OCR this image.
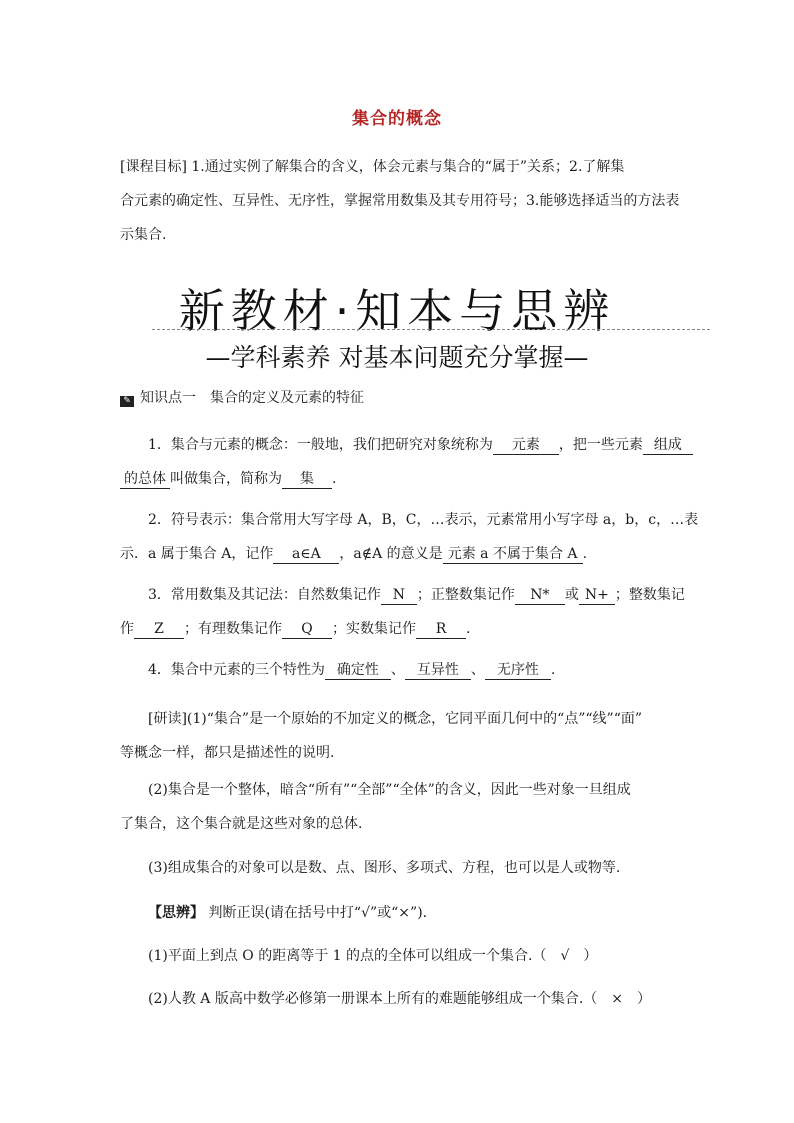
集合的概念
[课程目标] 1.通过实例了解集合的含义，体会元素与集合的“属于”关系；2.了解集
合元素的确定性、互异性、无序性，掌握常用数集及其专用符号；3.能够选择适当的方法表
示集合.
新教材·知本与思辨
—学科素养 对基本问题充分掌握—
✎ 知识点一　集合的定义及元素的特征
1．集合与元素的概念：一般地，我们把研究对象统称为 元素 ，把一些元素 组成
的总体 叫做集合，简称为 集 .
2．符号表示：集合常用大写字母 A，B，C，…表示，元素常用小写字母 a，b，c，…表
示．a 属于集合 A，记作 a∈A ，a∉A 的意义是 元素 a 不属于集合 A .
3．常用数集及其记法：自然数集记作 N ；正整数集记作 N* 或 N+ ；整数集记
作 Z ；有理数集记作 Q ；实数集记作 R .
4．集合中元素的三个特性为 确定性 、 互异性 、 无序性 .
[研读](1)“集合”是一个原始的不加定义的概念，它同平面几何中的“点”“线”“面”
等概念一样，都只是描述性的说明.
(2)集合是一个整体，暗含“所有”“全部”“全体”的含义，因此一些对象一旦组成
了集合，这个集合就是这些对象的总体.
(3)组成集合的对象可以是数、点、图形、多项式、方程，也可以是人或物等.
【思辨】 判断正误(请在括号中打“√”或“×”).
(1)平面上到点 O 的距离等于 1 的点的全体可以组成一个集合.（　√　）
(2)人教 A 版高中数学必修第一册课本上所有的难题能够组成一个集合.（　×　）
